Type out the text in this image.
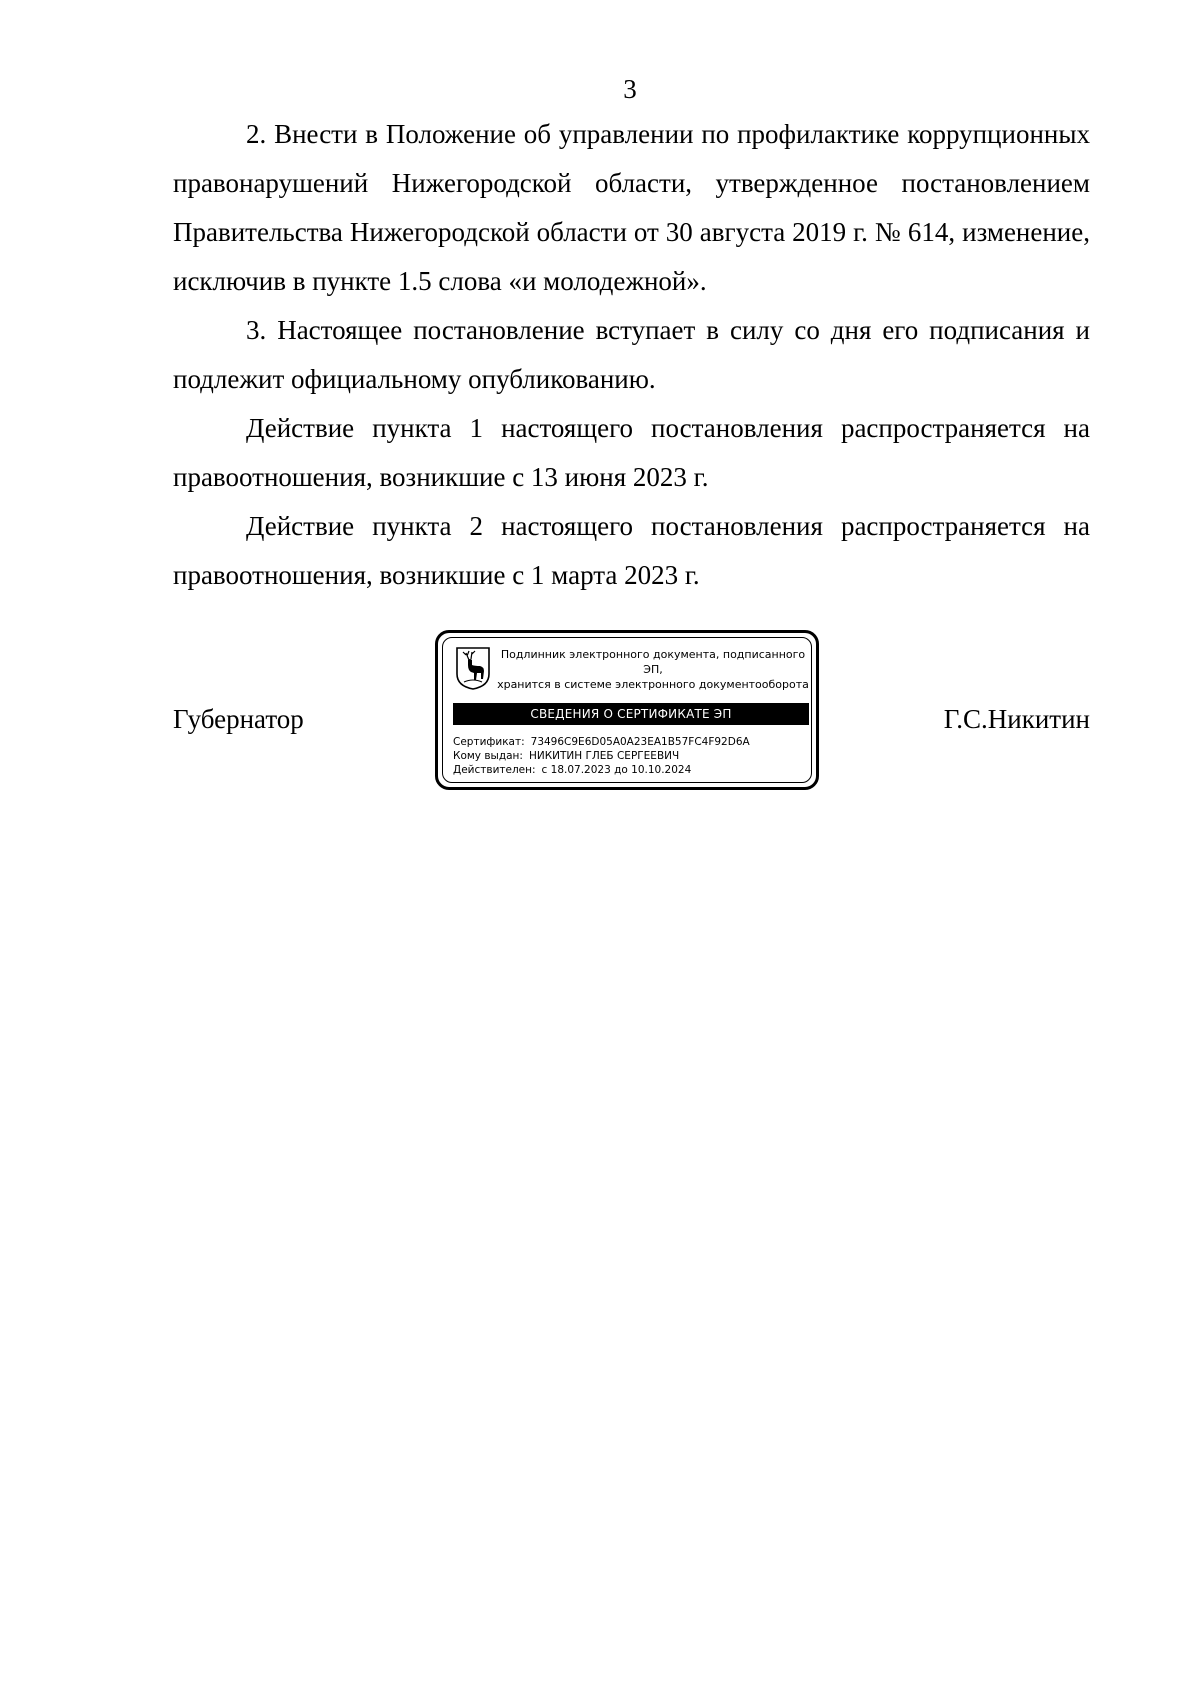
3

2. Внести в Положение об управлении по профилактике коррупционных правонарушений Нижегородской области, утвержденное постановлением Правительства Нижегородской области от 30 августа 2019 г. № 614, изменение, исключив в пункте 1.5 слова «и молодежной».

3. Настоящее постановление вступает в силу со дня его подписания и подлежит официальному опубликованию.

Действие пункта 1 настоящего постановления распространяется на правоотношения, возникшие с 13 июня 2023 г.

Действие пункта 2 настоящего постановления распространяется на правоотношения, возникшие с 1 марта 2023 г.

Губернатор
Подлинник электронного документа, подписанного ЭП,
хранится в системе электронного документооборота
СВЕДЕНИЯ О СЕРТИФИКАТЕ ЭП
Сертификат: 73496C9E6D05A0A23EA1B57FC4F92D6A
Кому выдан: НИКИТИН ГЛЕБ СЕРГЕЕВИЧ
Действителен: с 18.07.2023 до 10.10.2024
Г.С.Никитин
